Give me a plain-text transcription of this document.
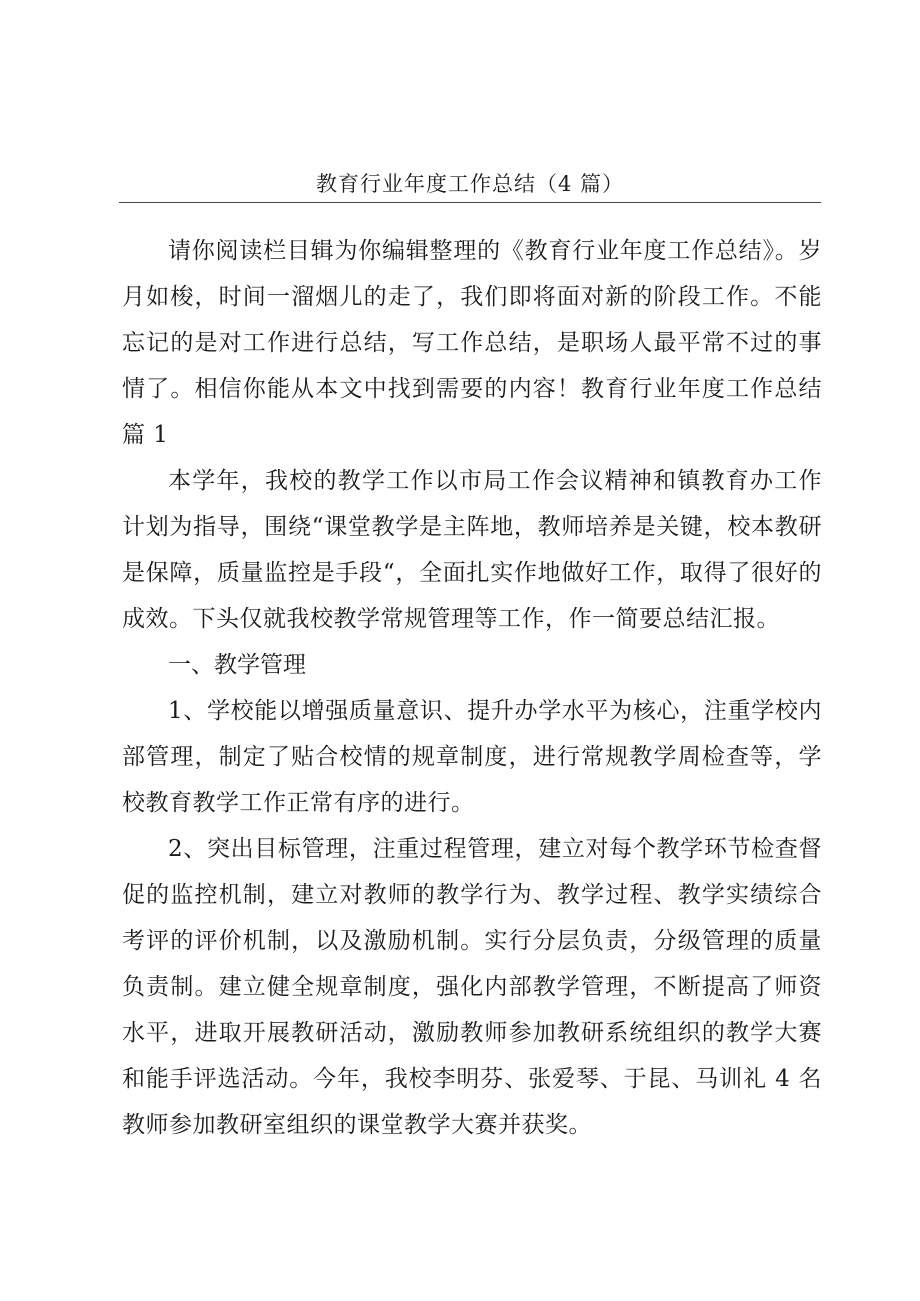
教育行业年度工作总结（4 篇）

请你阅读栏目辑为你编辑整理的《教育行业年度工作总结》。岁月如梭，时间一溜烟儿的走了，我们即将面对新的阶段工作。不能忘记的是对工作进行总结，写工作总结，是职场人最平常不过的事情了。相信你能从本文中找到需要的内容！教育行业年度工作总结篇 1

本学年，我校的教学工作以市局工作会议精神和镇教育办工作计划为指导，围绕“课堂教学是主阵地，教师培养是关键，校本教研是保障，质量监控是手段“，全面扎实作地做好工作，取得了很好的成效。下头仅就我校教学常规管理等工作，作一简要总结汇报。

一、教学管理

1、学校能以增强质量意识、提升办学水平为核心，注重学校内部管理，制定了贴合校情的规章制度，进行常规教学周检查等，学校教育教学工作正常有序的进行。

2、突出目标管理，注重过程管理，建立对每个教学环节检查督促的监控机制，建立对教师的教学行为、教学过程、教学实绩综合考评的评价机制，以及激励机制。实行分层负责，分级管理的质量负责制。建立健全规章制度，强化内部教学管理，不断提高了师资水平，进取开展教研活动，激励教师参加教研系统组织的教学大赛和能手评选活动。今年，我校李明芬、张爱琴、于昆、马训礼 4 名教师参加教研室组织的课堂教学大赛并获奖。
